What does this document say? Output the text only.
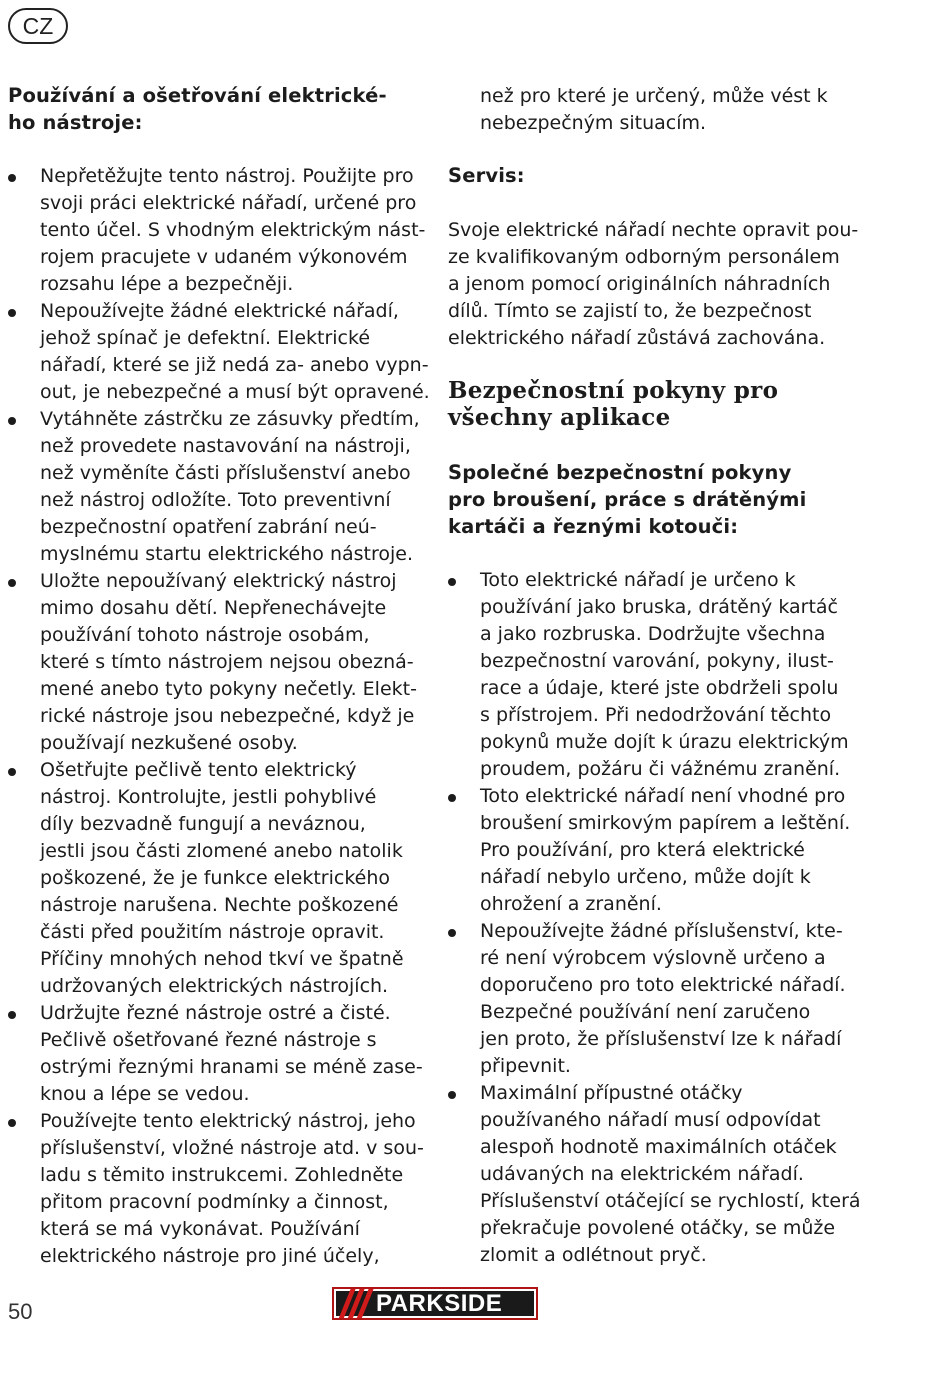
CZ
Používání a ošetřování elektrické-
ho nástroje:
Nepřetěžujte tento nástroj. Použijte pro
svoji práci elektrické nářadí, určené pro
tento účel. S vhodným elektrickým nást-
rojem pracujete v udaném výkonovém
rozsahu lépe a bezpečněji.
Nepoužívejte žádné elektrické nářadí,
jehož spínač je defektní. Elektrické
nářadí, které se již nedá za- anebo vypn-
out, je nebezpečné a musí být opravené.
Vytáhněte zástrčku ze zásuvky předtím,
než provedete nastavování na nástroji,
než vyměníte části příslušenství anebo
než nástroj odložíte. Toto preventivní
bezpečnostní opatření zabrání neú-
myslnému startu elektrického nástroje.
Uložte nepoužívaný elektrický nástroj
mimo dosahu dětí. Nepřenechávejte
používání tohoto nástroje osobám,
které s tímto nástrojem nejsou obezná-
mené anebo tyto pokyny nečetly. Elekt-
rické nástroje jsou nebezpečné, když je
používají nezkušené osoby.
Ošetřujte pečlivě tento elektrický
nástroj. Kontrolujte, jestli pohyblivé
díly bezvadně fungují a neváznou,
jestli jsou části zlomené anebo natolik
poškozené, že je funkce elektrického
nástroje narušena. Nechte poškozené
části před použitím nástroje opravit.
Příčiny mnohých nehod tkví ve špatně
udržovaných elektrických nástrojích.
Udržujte řezné nástroje ostré a čisté.
Pečlivě ošetřované řezné nástroje s
ostrými řeznými hranami se méně zase-
knou a lépe se vedou.
Používejte tento elektrický nástroj, jeho
příslušenství, vložné nástroje atd. v sou-
ladu s těmito instrukcemi. Zohledněte
přitom pracovní podmínky a činnost,
která se má vykonávat. Používání
elektrického nástroje pro jiné účely,

než pro které je určený, může vést k
nebezpečným situacím.

Servis:

Svoje elektrické nářadí nechte opravit pou-
ze kvalifikovaným odborným personálem
a jenom pomocí originálních náhradních
dílů. Tímto se zajistí to, že bezpečnost
elektrického nářadí zůstává zachována.

Bezpečnostní pokyny pro
všechny aplikace
Společné bezpečnostní pokyny
pro broušení, práce s drátěnými
kartáči a řeznými kotouči:
Toto elektrické nářadí je určeno k
používání jako bruska, drátěný kartáč
a jako rozbruska. Dodržujte všechna
bezpečnostní varování, pokyny, ilust-
race a údaje, které jste obdrželi spolu
s přístrojem. Při nedodržování těchto
pokynů muže dojít k úrazu elektrickým
proudem, požáru či vážnému zranění.
Toto elektrické nářadí není vhodné pro
broušení smirkovým papírem a leštění.
Pro používání, pro která elektrické
nářadí nebylo určeno, může dojít k
ohrožení a zranění.
Nepoužívejte žádné příslušenství, kte-
ré není výrobcem výslovně určeno a
doporučeno pro toto elektrické nářadí.
Bezpečné používání není zaručeno
jen proto, že příslušenství lze k nářadí
připevnit.
Maximální přípustné otáčky
používaného nářadí musí odpovídat
alespoň hodnotě maximálních otáček
udávaných na elektrickém nářadí.
Příslušenství otáčející se rychlostí, která
překračuje povolené otáčky, se může
zlomit a odlétnout pryč.
50	PARKSIDE
